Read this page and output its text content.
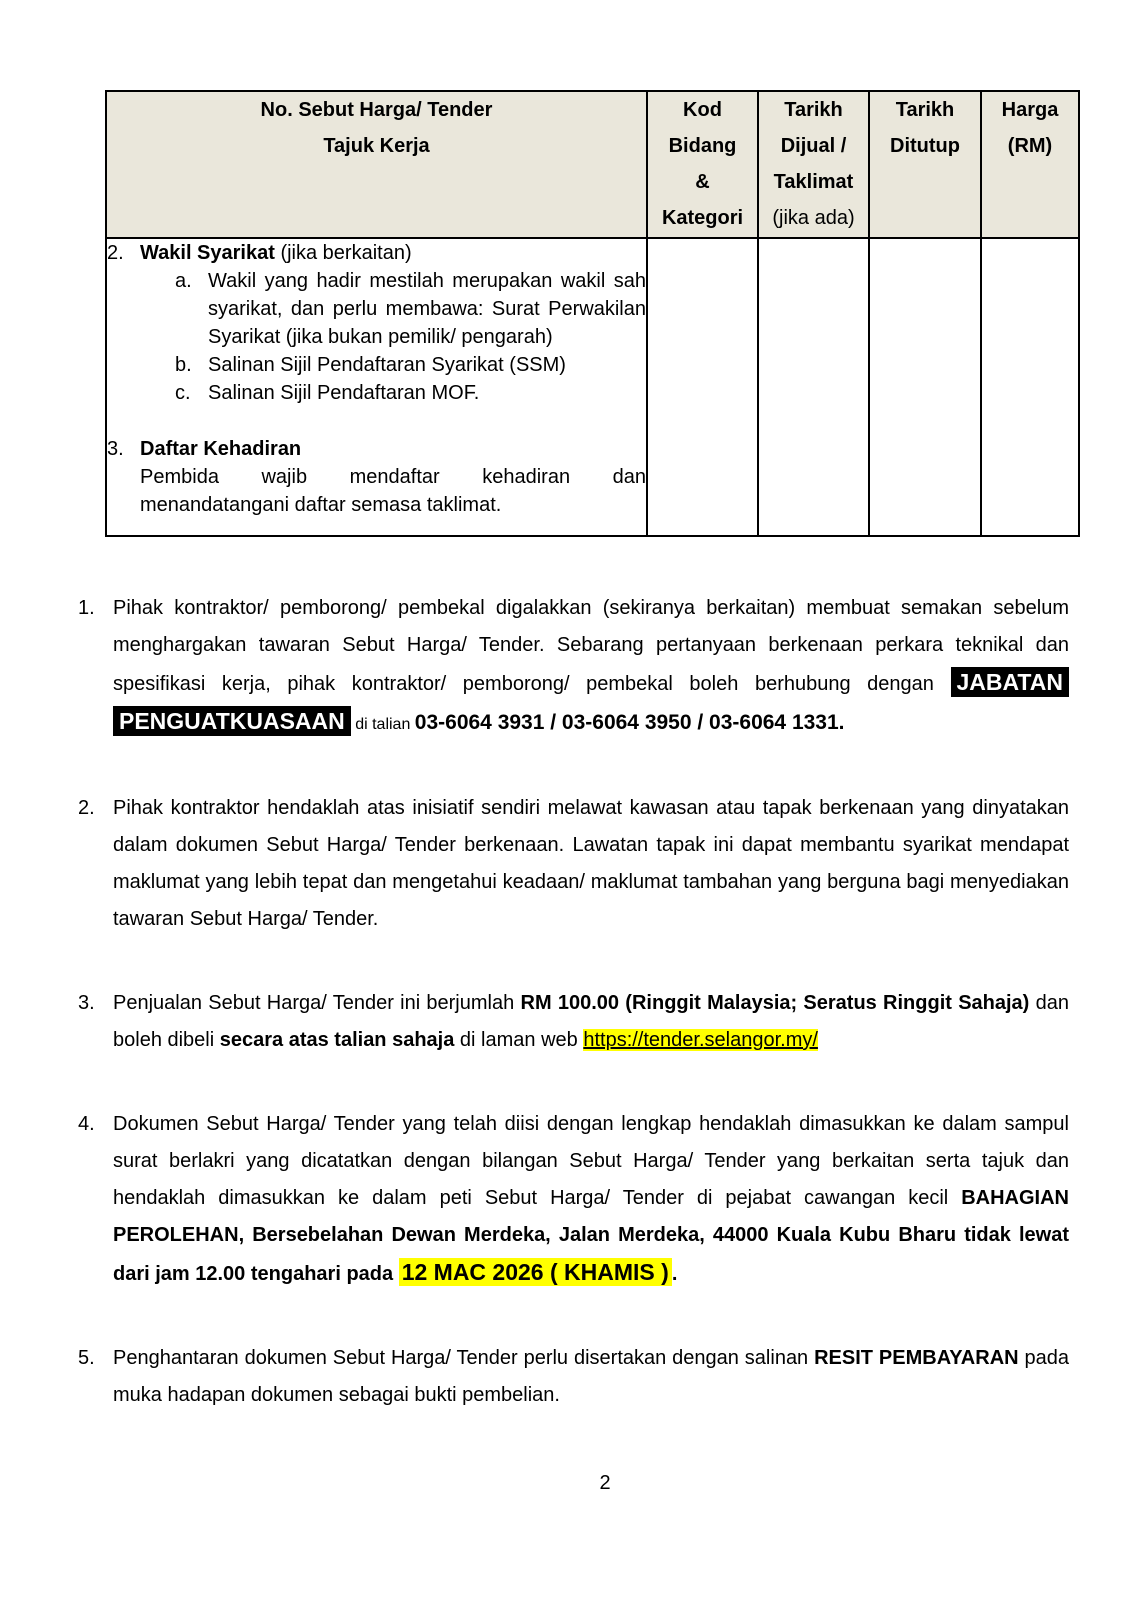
No. Sebut Harga/ Tender
Tajuk Kerja	Kod
Bidang
&
Kategori	Tarikh
Dijual /
Taklimat
(jika ada)	Tarikh
Ditutup	Harga
(RM)

2. Wakil Syarikat (jika berkaitan)
a. Wakil yang hadir mestilah merupakan wakil sah syarikat, dan perlu membawa: Surat Perwakilan Syarikat (jika bukan pemilik/ pengarah)
b. Salinan Sijil Pendaftaran Syarikat (SSM)
c. Salinan Sijil Pendaftaran MOF.
3. Daftar Kehadiran
Pembida wajib mendaftar kehadiran dan menandatangani daftar semasa taklimat.

1. Pihak kontraktor/ pemborong/ pembekal digalakkan (sekiranya berkaitan) membuat semakan sebelum menghargakan tawaran Sebut Harga/ Tender. Sebarang pertanyaan berkenaan perkara teknikal dan spesifikasi kerja, pihak kontraktor/ pemborong/ pembekal boleh berhubung dengan JABATAN PENGUATKUASAAN di talian 03-6064 3931 / 03-6064 3950 / 03-6064 1331.
2. Pihak kontraktor hendaklah atas inisiatif sendiri melawat kawasan atau tapak berkenaan yang dinyatakan dalam dokumen Sebut Harga/ Tender berkenaan. Lawatan tapak ini dapat membantu syarikat mendapat maklumat yang lebih tepat dan mengetahui keadaan/ maklumat tambahan yang berguna bagi menyediakan tawaran Sebut Harga/ Tender.
3. Penjualan Sebut Harga/ Tender ini berjumlah RM 100.00 (Ringgit Malaysia; Seratus Ringgit Sahaja) dan boleh dibeli secara atas talian sahaja di laman web https://tender.selangor.my/
4. Dokumen Sebut Harga/ Tender yang telah diisi dengan lengkap hendaklah dimasukkan ke dalam sampul surat berlakri yang dicatatkan dengan bilangan Sebut Harga/ Tender yang berkaitan serta tajuk dan hendaklah dimasukkan ke dalam peti Sebut Harga/ Tender di pejabat cawangan kecil BAHAGIAN PEROLEHAN, Bersebelahan Dewan Merdeka, Jalan Merdeka, 44000 Kuala Kubu Bharu tidak lewat dari jam 12.00 tengahari pada 12 MAC 2026 ( KHAMIS ) .
5. Penghantaran dokumen Sebut Harga/ Tender perlu disertakan dengan salinan RESIT PEMBAYARAN pada muka hadapan dokumen sebagai bukti pembelian.
2
